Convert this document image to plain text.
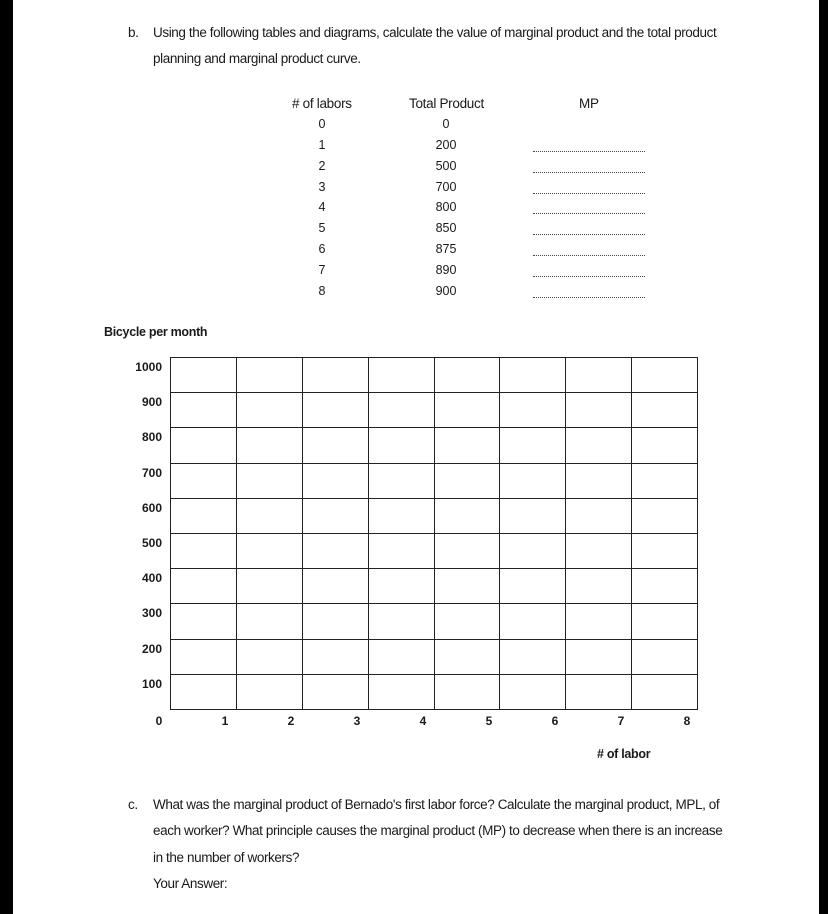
b. Using the following tables and diagrams, calculate the value of marginal product and the total product
planning and marginal product curve.
# of labors	Total Product	MP
0	0
1	200
2	500
3	700
4	800
5	850
6	875
7	890
8	900
Bicycle per month
1000
900
800
700
600
500
400
300
200
100
0	1	2	3	4	5	6	7	8
# of labor
c. What was the marginal product of Bernado's first labor force? Calculate the marginal product, MPL, of
each worker? What principle causes the marginal product (MP) to decrease when there is an increase
in the number of workers?
Your Answer:
